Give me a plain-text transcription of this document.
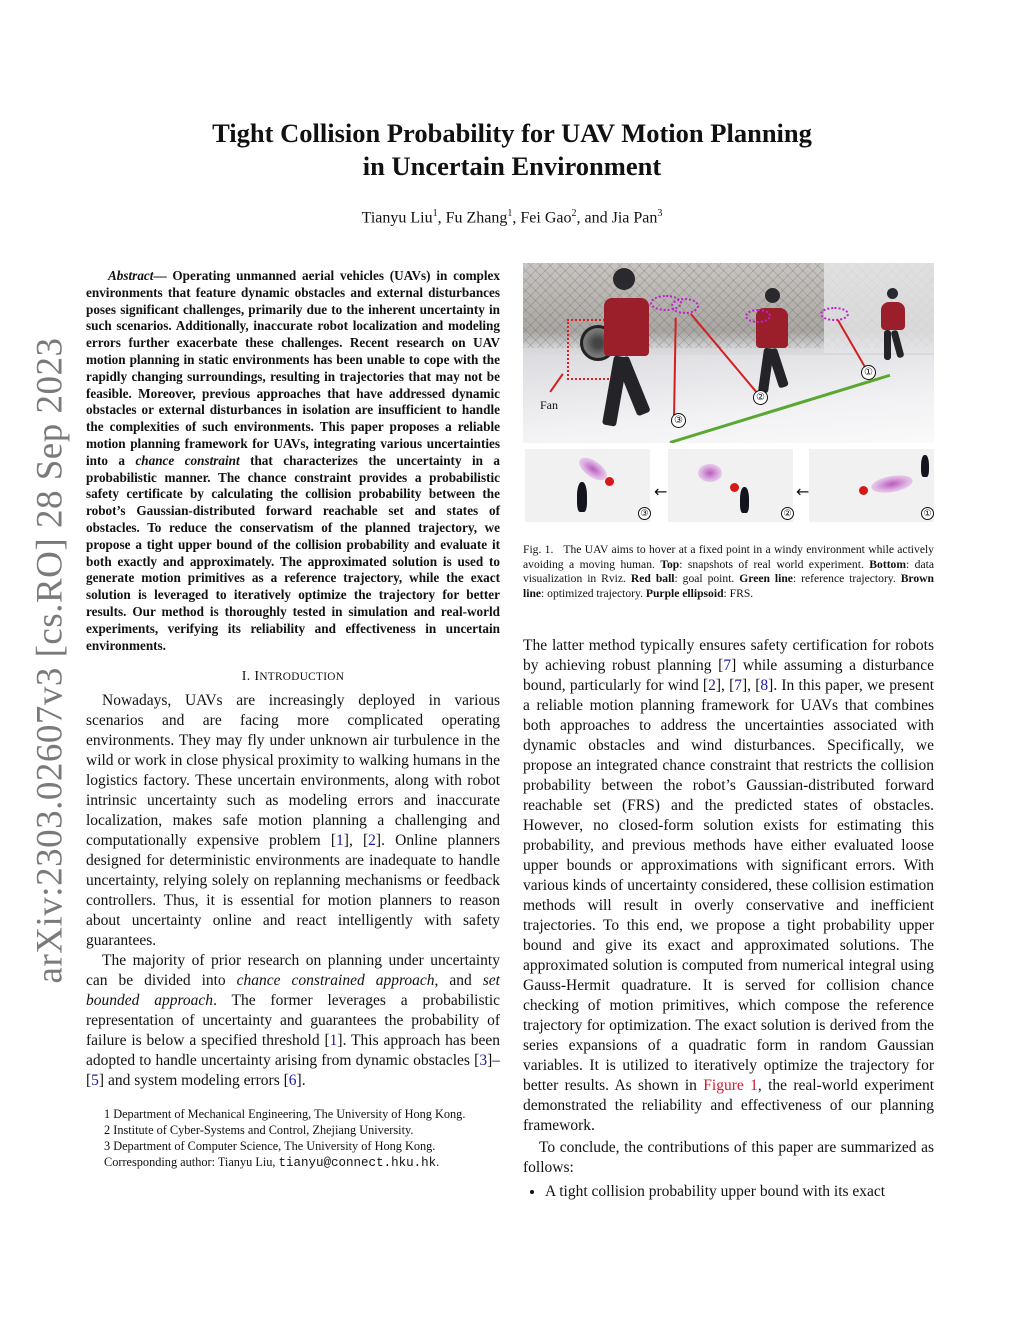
arXiv:2303.02607v3 [cs.RO] 28 Sep 2023
Tight Collision Probability for UAV Motion Planning
in Uncertain Environment
Tianyu Liu$^1$, Fu Zhang$^1$, Fei Gao$^2$, and Jia Pan$^3$

Abstract— Operating unmanned aerial vehicles (UAVs) in complex environments that feature dynamic obstacles and external disturbances poses significant challenges, primarily due to the inherent uncertainty in such scenarios. Additionally, inaccurate robot localization and modeling errors further exacerbate these challenges. Recent research on UAV motion planning in static environments has been unable to cope with the rapidly changing surroundings, resulting in trajectories that may not be feasible. Moreover, previous approaches that have addressed dynamic obstacles or external disturbances in isolation are insufficient to handle the complexities of such environments. This paper proposes a reliable motion planning framework for UAVs, integrating various uncertainties into a chance constraint that characterizes the uncertainty in a probabilistic manner. The chance constraint provides a probabilistic safety certificate by calculating the collision probability between the robot’s Gaussian-distributed forward reachable set and states of obstacles. To reduce the conservatism of the planned trajectory, we propose a tight upper bound of the collision probability and evaluate it both exactly and approximately. The approximated solution is used to generate motion primitives as a reference trajectory, while the exact solution is leveraged to iteratively optimize the trajectory for better results. Our method is thoroughly tested in simulation and real-world experiments, verifying its reliability and effectiveness in uncertain environments.

I. INTRODUCTION

Nowadays, UAVs are increasingly deployed in various scenarios and are facing more complicated operating environments. They may fly under unknown air turbulence in the wild or work in close physical proximity to walking humans in the logistics factory. These uncertain environments, along with robot intrinsic uncertainty such as modeling errors and inaccurate localization, makes safe motion planning a challenging and computationally expensive problem [1], [2]. Online planners designed for deterministic environments are inadequate to handle uncertainty, relying solely on replanning mechanisms or feedback controllers. Thus, it is essential for motion planners to reason about uncertainty online and react intelligently with safety guarantees.

The majority of prior research on planning under uncertainty can be divided into chance constrained approach, and set bounded approach. The former leverages a probabilistic representation of uncertainty and guarantees the probability of failure is below a specified threshold [1]. This approach has been adopted to handle uncertainty arising from dynamic obstacles [3]–[5] and system modeling errors [6].

1 Department of Mechanical Engineering, The University of Hong Kong.
2 Institute of Cyber-Systems and Control, Zhejiang University.
3 Department of Computer Science, The University of Hong Kong.
Corresponding author: Tianyu Liu, tianyu@connect.hku.hk.
Fan
①
②
③
③
←
②
←
①
Fig. 1. The UAV aims to hover at a fixed point in a windy environment while actively avoiding a moving human. Top: snapshots of real world experiment. Bottom: data visualization in Rviz. Red ball: goal point. Green line: reference trajectory. Brown line: optimized trajectory. Purple ellipsoid: FRS.

The latter method typically ensures safety certification for robots by achieving robust planning [7] while assuming a disturbance bound, particularly for wind [2], [7], [8]. In this paper, we present a reliable motion planning framework for UAVs that combines both approaches to address the uncertainties associated with dynamic obstacles and wind disturbances. Specifically, we propose an integrated chance constraint that restricts the collision probability between the robot’s Gaussian-distributed forward reachable set (FRS) and the predicted states of obstacles. However, no closed-form solution exists for estimating this probability, and previous methods have either evaluated loose upper bounds or approximations with significant errors. With various kinds of uncertainty considered, these collision estimation methods will result in overly conservative and inefficient trajectories. To this end, we propose a tight probability upper bound and give its exact and approximated solutions. The approximated solution is computed from numerical integral using Gauss-Hermit quadrature. It is served for collision chance checking of motion primitives, which compose the reference trajectory for optimization. The exact solution is derived from the series expansions of a quadratic form in random Gaussian variables. It is utilized to iteratively optimize the trajectory for better results. As shown in Figure 1, the real-world experiment demonstrated the reliability and effectiveness of our planning framework.

To conclude, the contributions of this paper are summarized as follows:

• A tight collision probability upper bound with its exact
